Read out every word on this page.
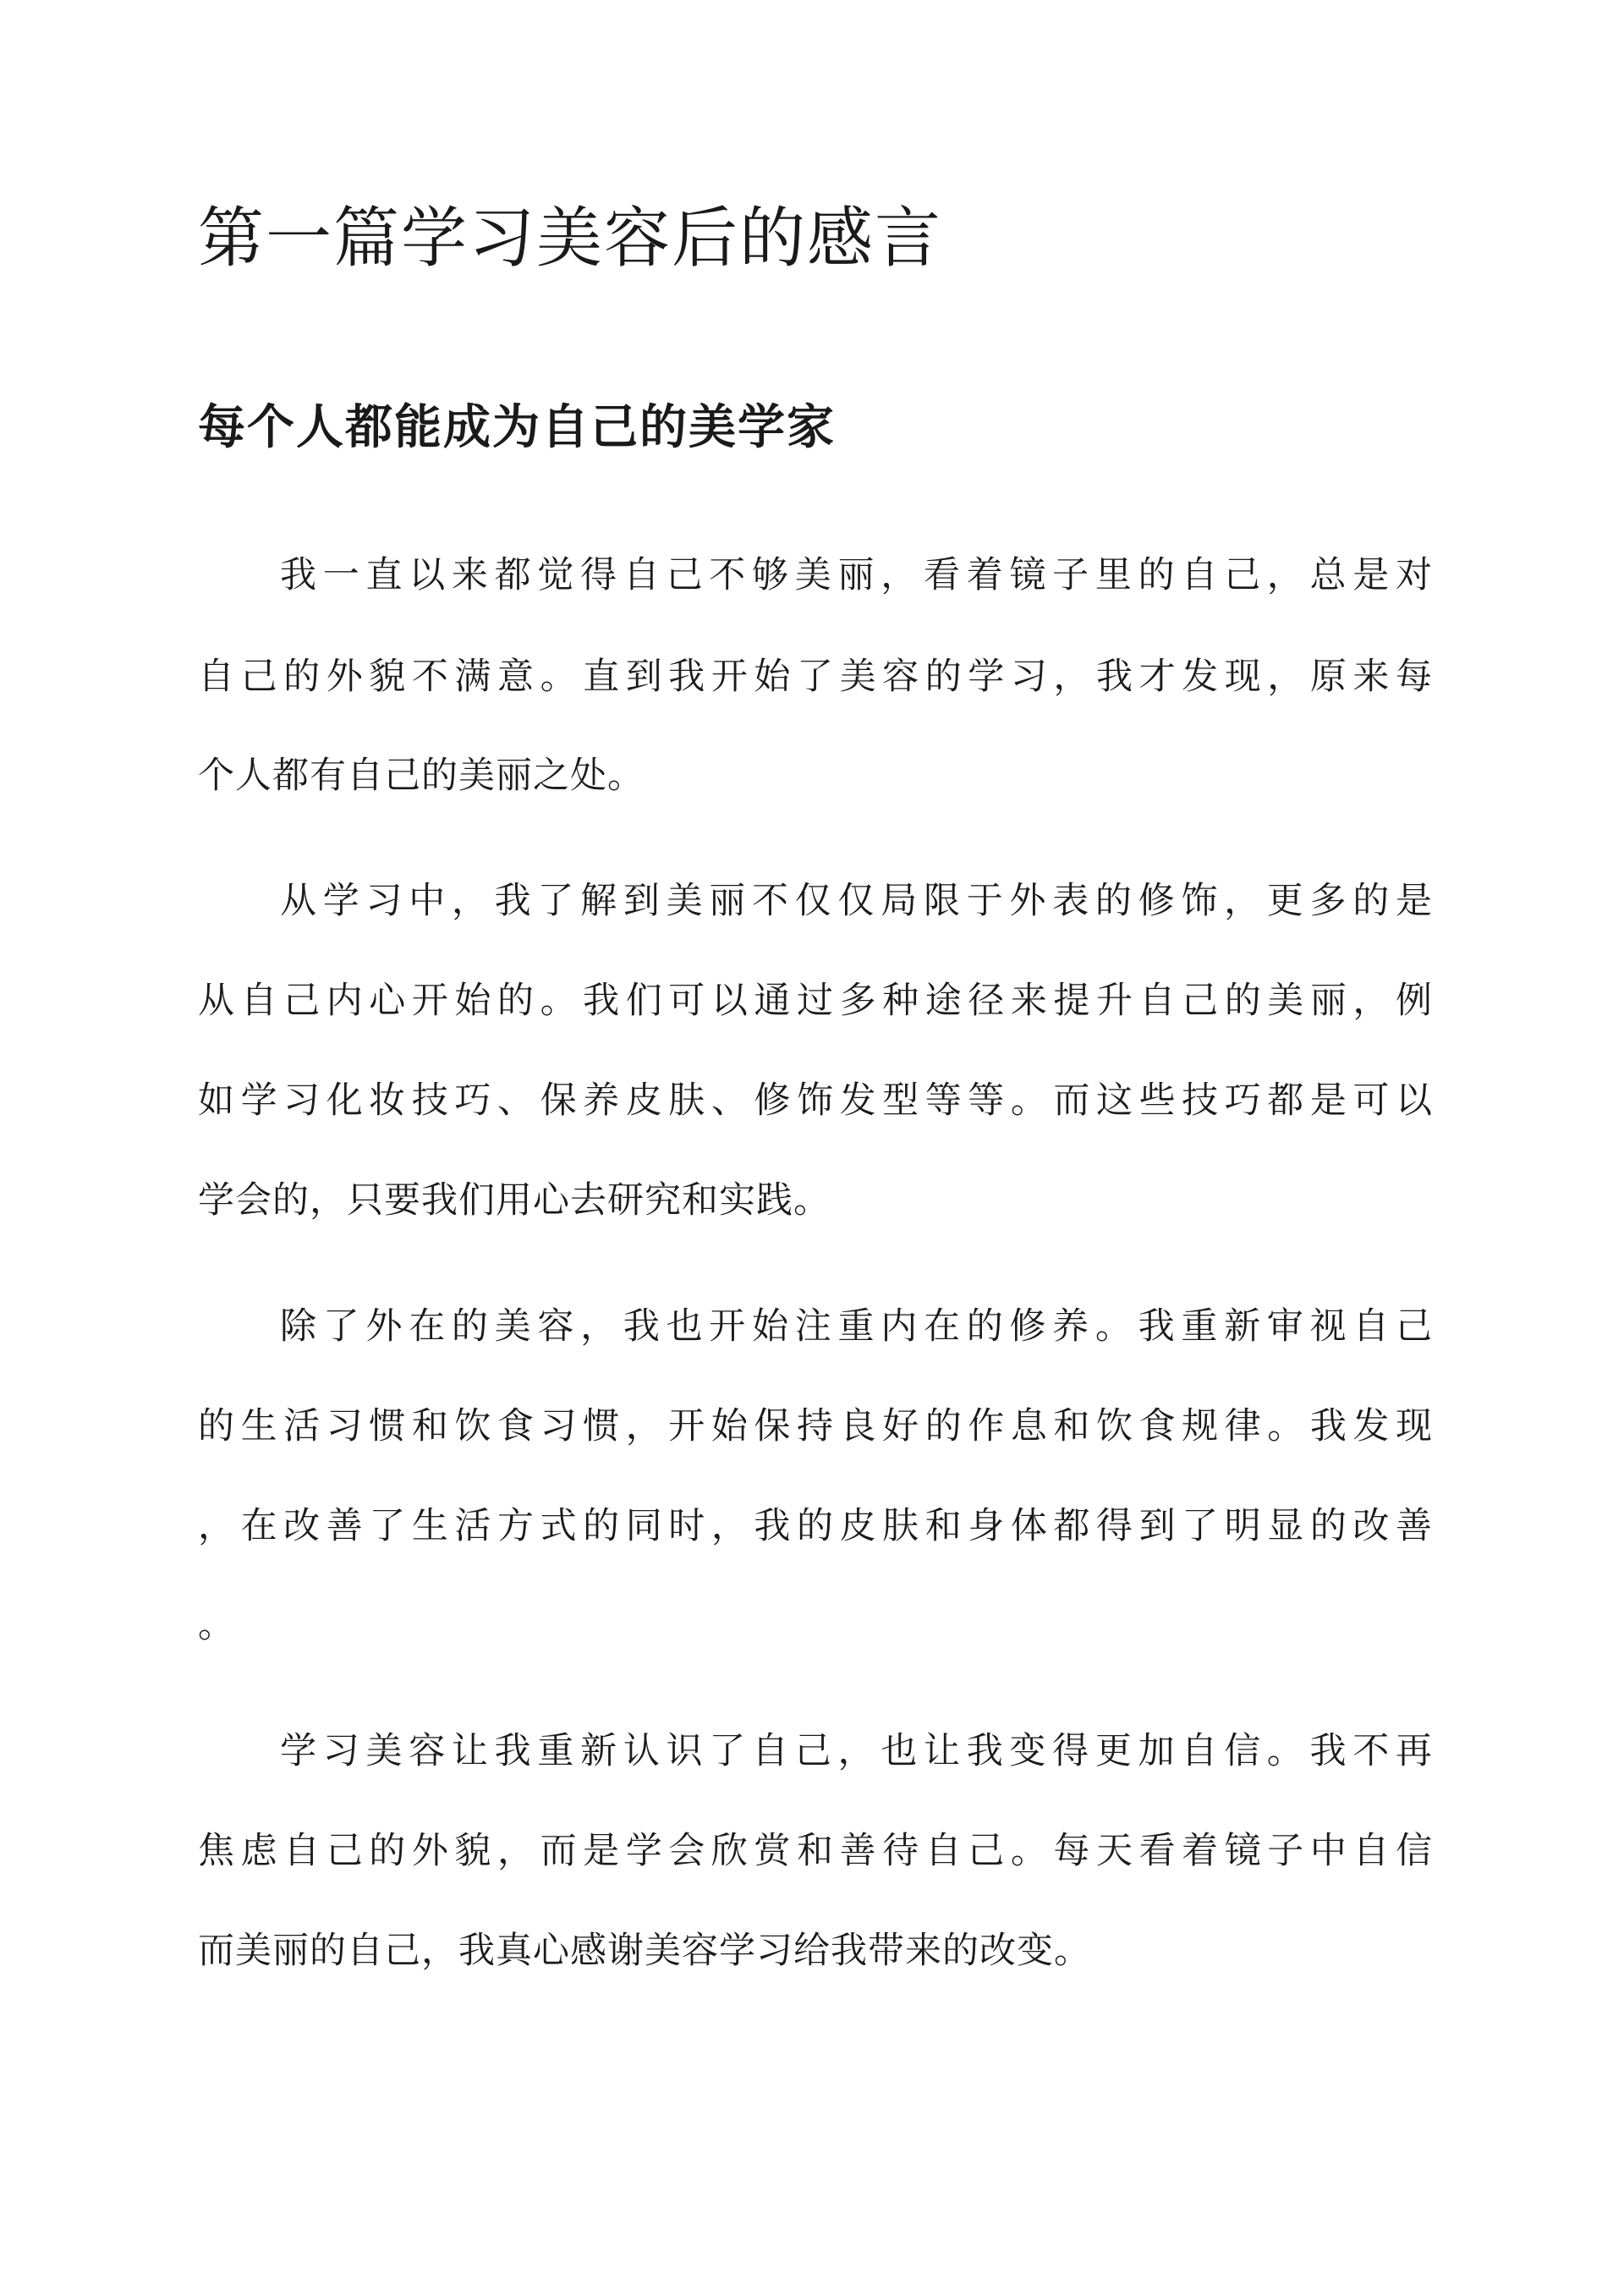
第一篇学习美容后的感言
每个人都能成为自己的美学家

我一直以来都觉得自己不够美丽，看着镜子里的自己，总是对

自己的外貌不满意。直到我开始了美容的学习，我才发现，原来每

个人都有自己的美丽之处。

从学习中，我了解到美丽不仅仅局限于外表的修饰，更多的是

从自己内心开始的。我们可以通过多种途径来提升自己的美丽，例

如学习化妆技巧、保养皮肤、修饰发型等等。而这些技巧都是可以

学会的，只要我们用心去研究和实践。

除了外在的美容，我也开始注重内在的修养。我重新审视自己

的生活习惯和饮食习惯，开始保持良好的作息和饮食规律。我发现

，在改善了生活方式的同时，我的皮肤和身体都得到了明显的改善

。

学习美容让我重新认识了自己，也让我变得更加自信。我不再

焦虑自己的外貌，而是学会欣赏和善待自己。每天看着镜子中自信

而美丽的自己，我真心感谢美容学习给我带来的改变。
